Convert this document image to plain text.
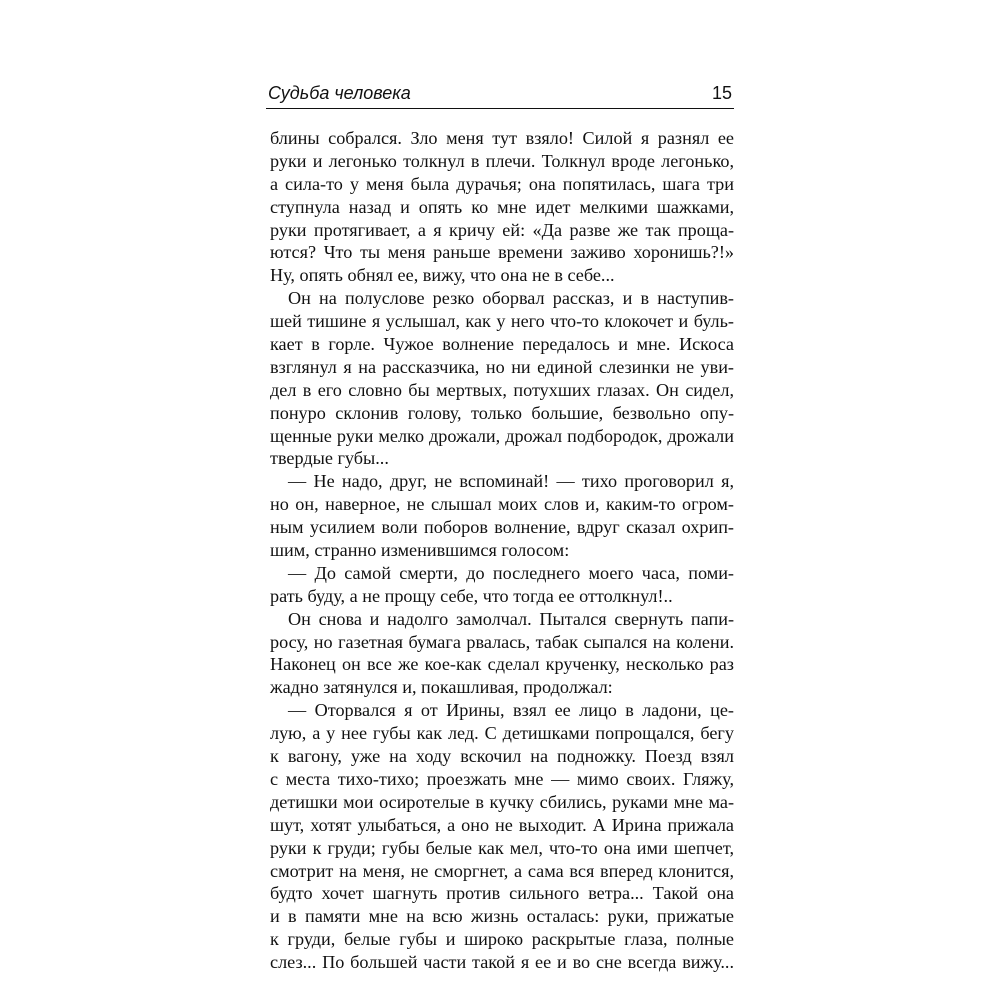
Судьба человека	15
блины собрался. Зло меня тут взяло! Силой я разнял ее
руки и легонько толкнул в плечи. Толкнул вроде легонько,
а сила-то у меня была дурачья; она попятилась, шага три
ступнула назад и опять ко мне идет мелкими шажками,
руки протягивает, а я кричу ей: «Да разве же так проща-
ются? Что ты меня раньше времени заживо хоронишь?!»
Ну, опять обнял ее, вижу, что она не в себе...
Он на полуслове резко оборвал рассказ, и в наступив-
шей тишине я услышал, как у него что-то клокочет и буль-
кает в горле. Чужое волнение передалось и мне. Искоса
взглянул я на рассказчика, но ни единой слезинки не уви-
дел в его словно бы мертвых, потухших глазах. Он сидел,
понуро склонив голову, только большие, безвольно опу-
щенные руки мелко дрожали, дрожал подбородок, дрожали
твердые губы...
— Не надо, друг, не вспоминай! — тихо проговорил я,
но он, наверное, не слышал моих слов и, каким-то огром-
ным усилием воли поборов волнение, вдруг сказал охрип-
шим, странно изменившимся голосом:
— До самой смерти, до последнего моего часа, поми-
рать буду, а не прощу себе, что тогда ее оттолкнул!..
Он снова и надолго замолчал. Пытался свернуть папи-
росу, но газетная бумага рвалась, табак сыпался на колени.
Наконец он все же кое-как сделал крученку, несколько раз
жадно затянулся и, покашливая, продолжал:
— Оторвался я от Ирины, взял ее лицо в ладони, це-
лую, а у нее губы как лед. С детишками попрощался, бегу
к вагону, уже на ходу вскочил на подножку. Поезд взял
с места тихо-тихо; проезжать мне — мимо своих. Гляжу,
детишки мои осиротелые в кучку сбились, руками мне ма-
шут, хотят улыбаться, а оно не выходит. А Ирина прижала
руки к груди; губы белые как мел, что-то она ими шепчет,
смотрит на меня, не сморгнет, а сама вся вперед клонится,
будто хочет шагнуть против сильного ветра... Такой она
и в памяти мне на всю жизнь осталась: руки, прижатые
к груди, белые губы и широко раскрытые глаза, полные
слез... По большей части такой я ее и во сне всегда вижу...
